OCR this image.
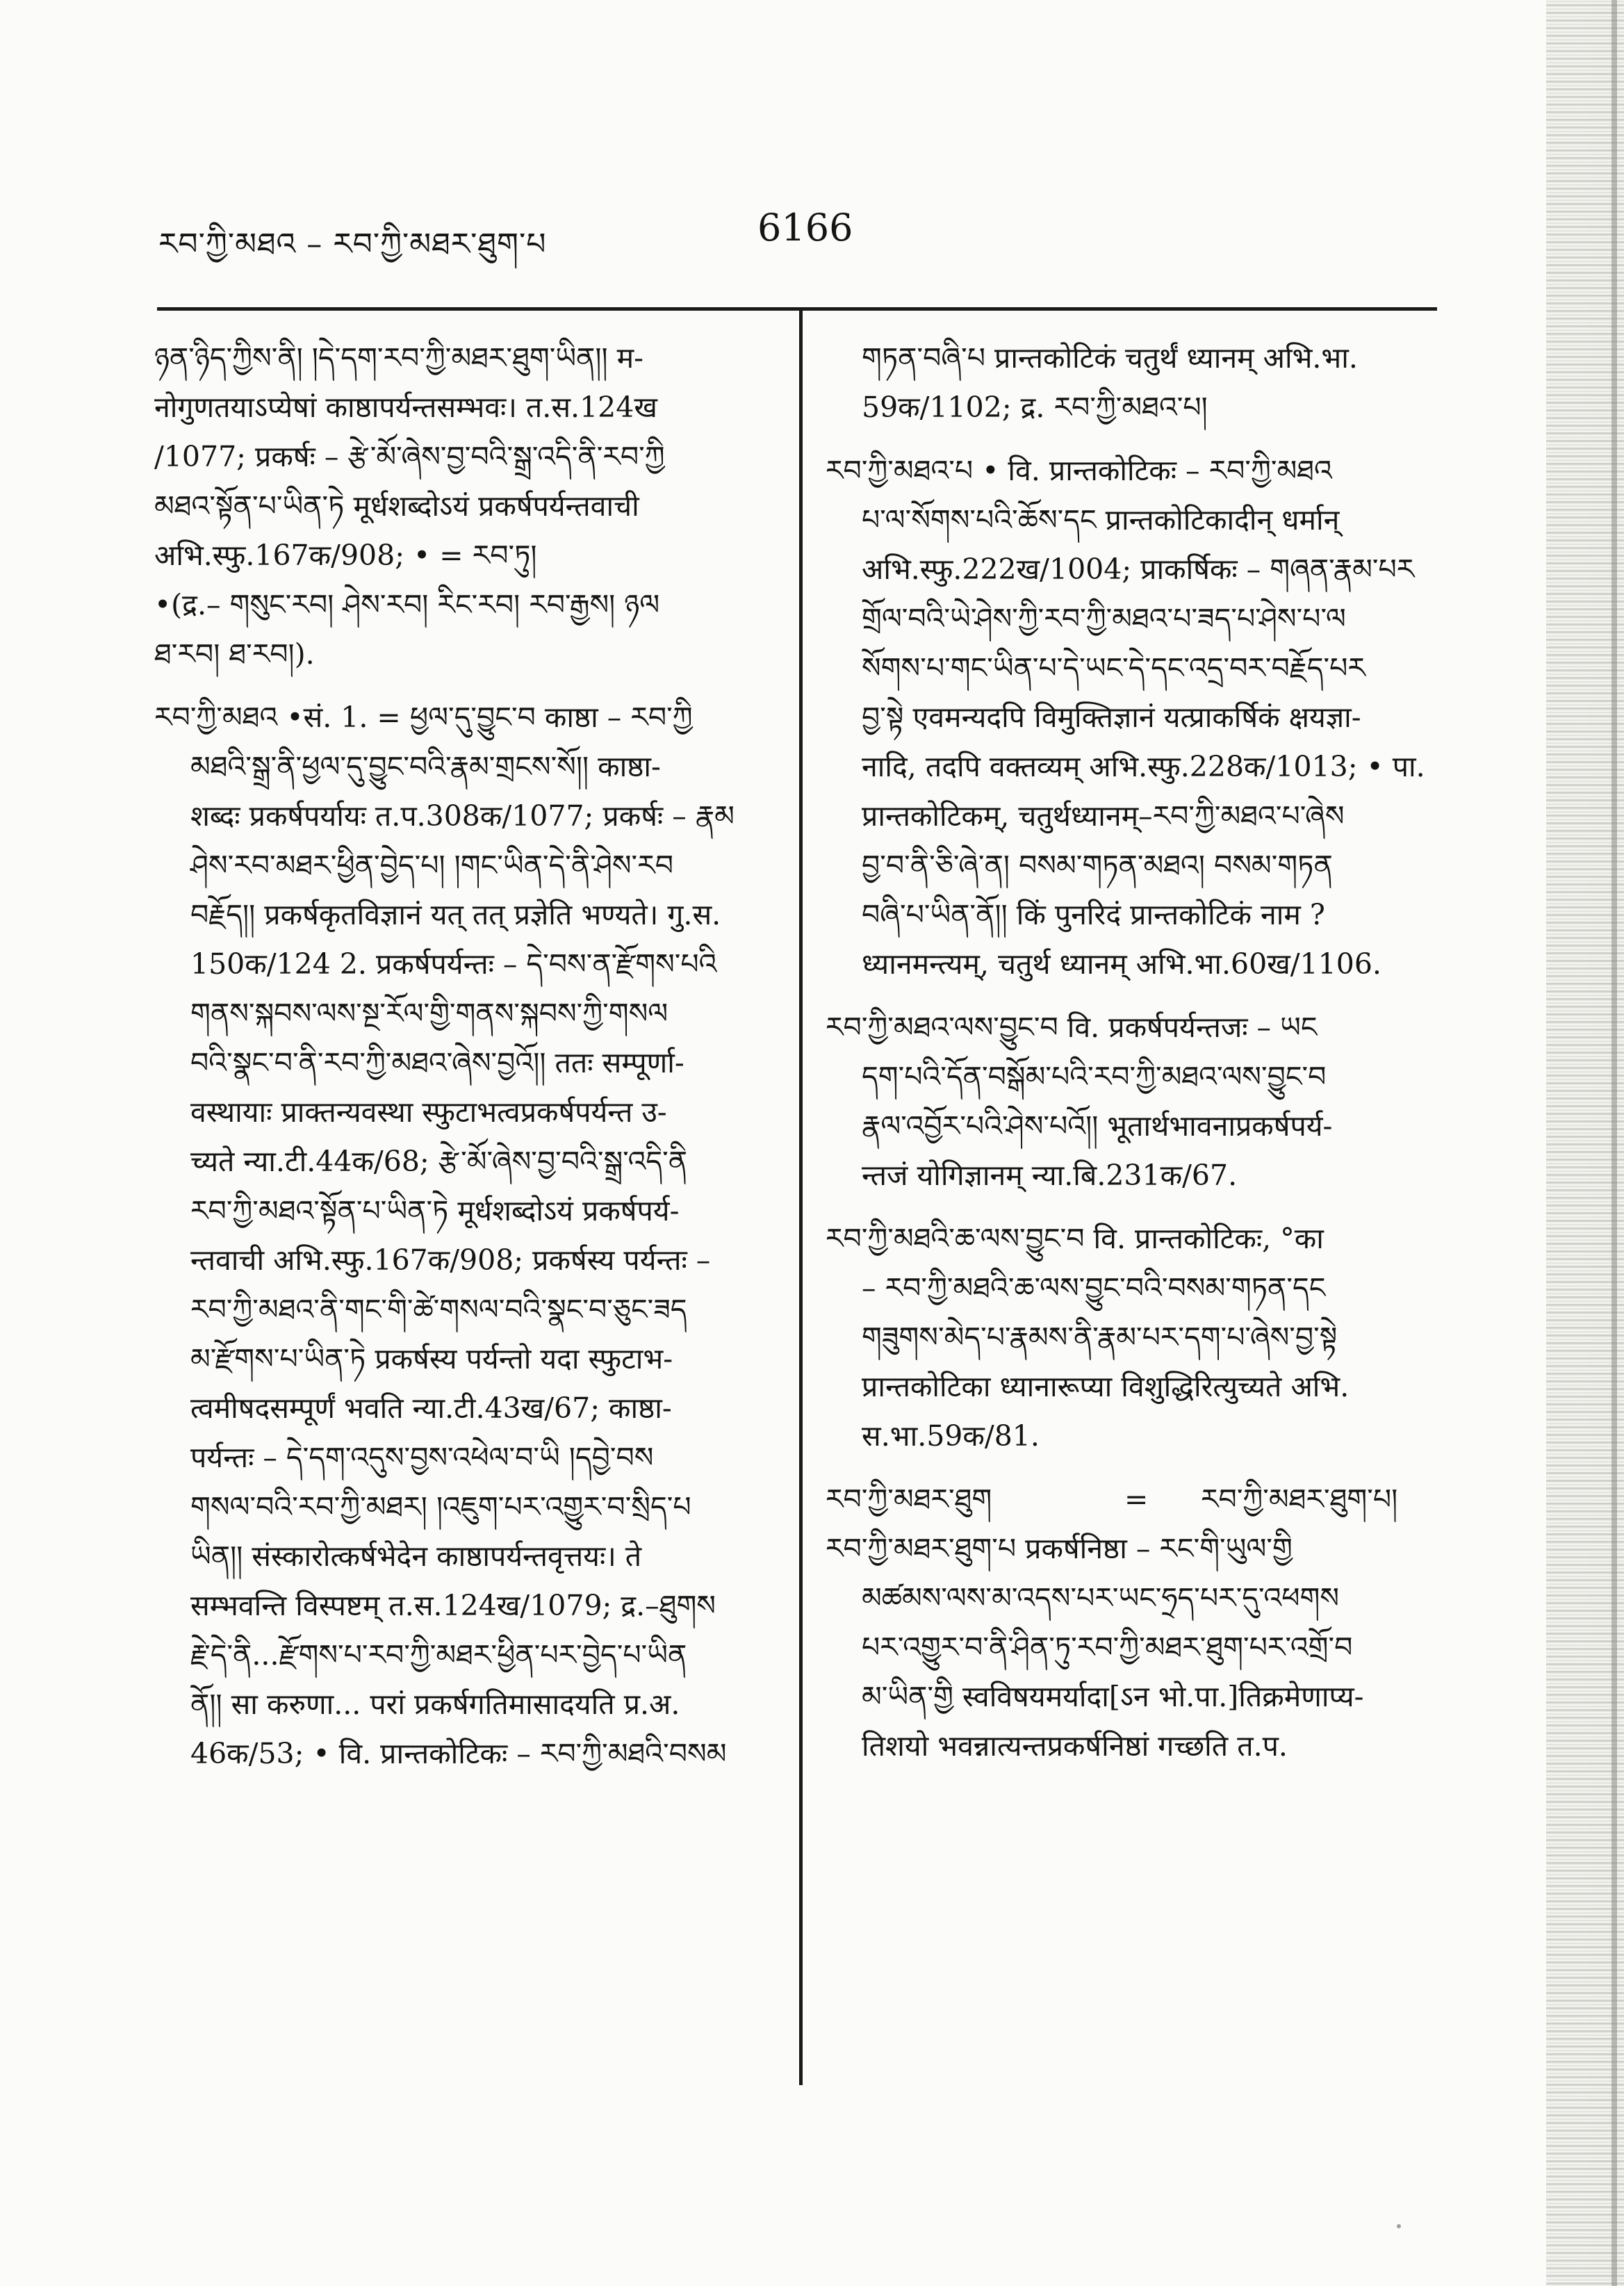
རབ་ཀྱི་མཐའ – རབ་ཀྱི་མཐར་ཐུག་པ	6166
ཉན་ཉིད་ཀྱིས་ནི། །དེ་དག་རབ་ཀྱི་མཐར་ཐུག་ཡིན།། म-
नोगुणतयाऽप्येषां काष्ठापर्यन्तसम्भवः। त.स.124ख
/1077; प्रकर्षः – རྩེ་མོ་ཞེས་བྱ་བའི་སྒྲ་འདི་ནི་རབ་ཀྱི
མཐའ་སྟོན་པ་ཡིན་ཏེ मूर्धशब्दोऽयं प्रकर्षपर्यन्तवाची
अभि.स्फु.167क/908; • = རབ་ཏུ།
•(द्र.– གསུང་རབ། ཤེས་རབ། རིང་རབ། རབ་རྒྱས། ཉལ
ཐ་རབ། ཐ་རབ།).
རབ་ཀྱི་མཐའ •सं. 1. = ཕྱལ་དུ་བྱུང་བ काष्ठा – རབ་ཀྱི
མཐའི་སྒྲ་ནི་ཕྱལ་དུ་བྱུང་བའི་རྣམ་གྲངས་སོ།། काष्ठा-
शब्दः प्रकर्षपर्यायः त.प.308क/1077; प्रकर्षः – རྣམ
ཤེས་རབ་མཐར་ཕྱིན་བྱེད་པ། །གང་ཡིན་དེ་ནི་ཤེས་རབ
བརྗོད།། प्रकर्षकृतविज्ञानं यत् तत् प्रज्ञेति भण्यते। गु.स.
150क/124 2. प्रकर्षपर्यन्तः – དེ་བས་ན་རྫོགས་པའི
གནས་སྐབས་ལས་སྔ་རོལ་གྱི་གནས་སྐབས་ཀྱི་གསལ
བའི་སྣང་བ་ནི་རབ་ཀྱི་མཐའ་ཞེས་བྱའོ།། ततः सम्पूर्णा-
वस्थायाः प्राक्तन्यवस्था स्फुटाभत्वप्रकर्षपर्यन्त उ-
च्यते न्या.टी.44क/68; རྩེ་མོ་ཞེས་བྱ་བའི་སྒྲ་འདི་ནི
རབ་ཀྱི་མཐའ་སྟོན་པ་ཡིན་ཏེ मूर्धशब्दोऽयं प्रकर्षपर्य-
न्तवाची अभि.स्फु.167क/908; प्रकर्षस्य पर्यन्तः –
རབ་ཀྱི་མཐའ་ནི་གང་གི་ཚེ་གསལ་བའི་སྣང་བ་ཅུང་ཟད
མ་རྫོགས་པ་ཡིན་ཏེ प्रकर्षस्य पर्यन्तो यदा स्फुटाभ-
त्वमीषदसम्पूर्णं भवति न्या.टी.43ख/67; काष्ठा-
पर्यन्तः – དེ་དག་འདུས་བྱས་འཕེལ་བ་ཡི །དབྱེ་བས
གསལ་བའི་རབ་ཀྱི་མཐར། །འཇུག་པར་འགྱུར་བ་སྲིད་པ
ཡིན།། संस्कारोत्कर्षभेदेन काष्ठापर्यन्तवृत्तयः। ते
सम्भवन्ति विस्पष्टम् त.स.124ख/1079; द्र.–ཐུགས
རྗེ་དེ་ནི...རྫོགས་པ་རབ་ཀྱི་མཐར་ཕྱིན་པར་བྱེད་པ་ཡིན
ནོ།། सा करुणा... परां प्रकर्षगतिमासादयति प्र.अ.
46क/53; • वि. प्रान्तकोटिकः – རབ་ཀྱི་མཐའི་བསམ
གཏན་བཞི་པ प्रान्तकोटिकं चतुर्थं ध्यानम् अभि.भा.
59क/1102; द्र. རབ་ཀྱི་མཐའ་པ།
རབ་ཀྱི་མཐའ་པ • वि. प्रान्तकोटिकः – རབ་ཀྱི་མཐའ
པ་ལ་སོགས་པའི་ཆོས་དང प्रान्तकोटिकादीन् धर्मान्
अभि.स्फु.222ख/1004; प्राकर्षिकः – གཞན་རྣམ་པར
གྲོལ་བའི་ཡེ་ཤེས་ཀྱི་རབ་ཀྱི་མཐའ་པ་ཟད་པ་ཤེས་པ་ལ
སོགས་པ་གང་ཡིན་པ་དེ་ཡང་དེ་དང་འདྲ་བར་བརྗོད་པར
བྱ་སྟེ एवमन्यदपि विमुक्तिज्ञानं यत्प्राकर्षिकं क्षयज्ञा-
नादि, तदपि वक्तव्यम् अभि.स्फु.228क/1013; • पा.
प्रान्तकोटिकम्, चतुर्थध्यानम्–རབ་ཀྱི་མཐའ་པ་ཞེས
བྱ་བ་ནི་ཅི་ཞེ་ན། བསམ་གཏན་མཐའ། བསམ་གཏན
བཞི་པ་ཡིན་ནོ།། किं पुनरिदं प्रान्तकोटिकं नाम ?
ध्यानमन्त्यम्, चतुर्थ ध्यानम् अभि.भा.60ख/1106.
རབ་ཀྱི་མཐའ་ལས་བྱུང་བ वि. प्रकर्षपर्यन्तजः – ཡང
དག་པའི་དོན་བསྒོམ་པའི་རབ་ཀྱི་མཐའ་ལས་བྱུང་བ
རྣལ་འབྱོར་པའི་ཤེས་པའོ།། भूतार्थभावनाप्रकर्षपर्य-
न्तजं योगिज्ञानम् न्या.बि.231क/67.
རབ་ཀྱི་མཐའི་ཆ་ལས་བྱུང་བ वि. प्रान्तकोटिकः, °का
– རབ་ཀྱི་མཐའི་ཆ་ལས་བྱུང་བའི་བསམ་གཏན་དང
གཟུགས་མེད་པ་རྣམས་ནི་རྣམ་པར་དག་པ་ཞེས་བྱ་སྟེ
प्रान्तकोटिका ध्यानारूप्या विशुद्धिरित्युच्यते अभि.
स.भा.59क/81.
རབ་ཀྱི་མཐར་ཐུག	= རབ་ཀྱི་མཐར་ཐུག་པ།
རབ་ཀྱི་མཐར་ཐུག་པ प्रकर्षनिष्ठा – རང་གི་ཡུལ་གྱི
མཚམས་ལས་མ་འདས་པར་ཡང་ཧྲད་པར་དུ་འཕགས
པར་འགྱུར་བ་ནི་ཤིན་ཏུ་རབ་ཀྱི་མཐར་ཐུག་པར་འགྲོ་བ
མ་ཡིན་གྱི स्वविषयमर्यादा[ऽन भो.पा.]तिक्रमेणाप्य-
तिशयो भवन्नात्यन्तप्रकर्षनिष्ठां गच्छति त.प.
